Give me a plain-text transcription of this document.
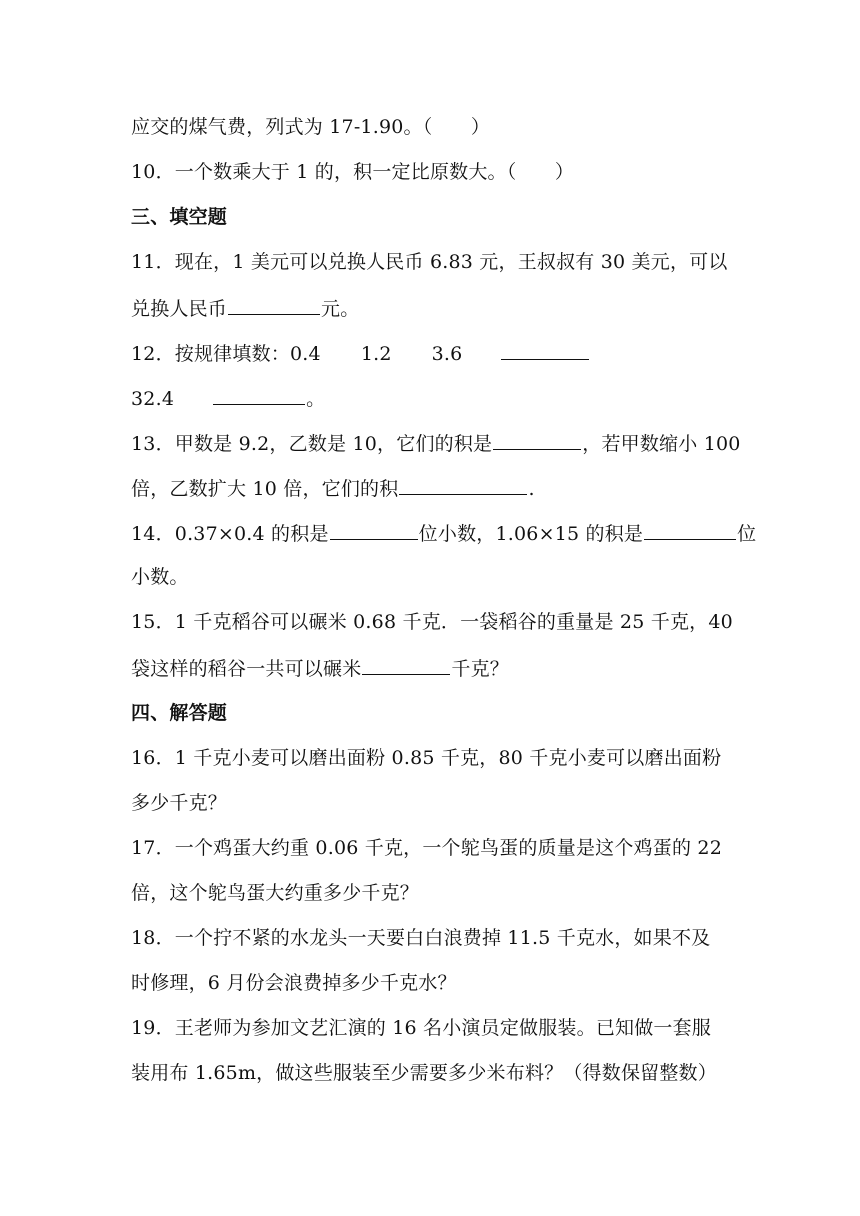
应交的煤气费，列式为 17-1.90。（　　）
10．一个数乘大于 1 的，积一定比原数大。（　　）
三、填空题
11．现在，1 美元可以兑换人民币 6.83 元，王叔叔有 30 美元，可以
兑换人民币	元。
12．按规律填数：0.4 1.2 3.6
32.4	。
13．甲数是 9.2，乙数是 10，它们的积是	，若甲数缩小 100
倍，乙数扩大 10 倍，它们的积	.
14．0.37×0.4 的积是	位小数，1.06×15 的积是	位
小数。
15．1 千克稻谷可以碾米 0.68 千克．一袋稻谷的重量是 25 千克，40
袋这样的稻谷一共可以碾米	千克？
四、解答题
16．1 千克小麦可以磨出面粉 0.85 千克，80 千克小麦可以磨出面粉
多少千克？
17．一个鸡蛋大约重 0.06 千克，一个鸵鸟蛋的质量是这个鸡蛋的 22
倍，这个鸵鸟蛋大约重多少千克？
18．一个拧不紧的水龙头一天要白白浪费掉 11.5 千克水，如果不及
时修理，6 月份会浪费掉多少千克水？
19．王老师为参加文艺汇演的 16 名小演员定做服装。已知做一套服
装用布 1.65m，做这些服装至少需要多少米布料？（得数保留整数）
